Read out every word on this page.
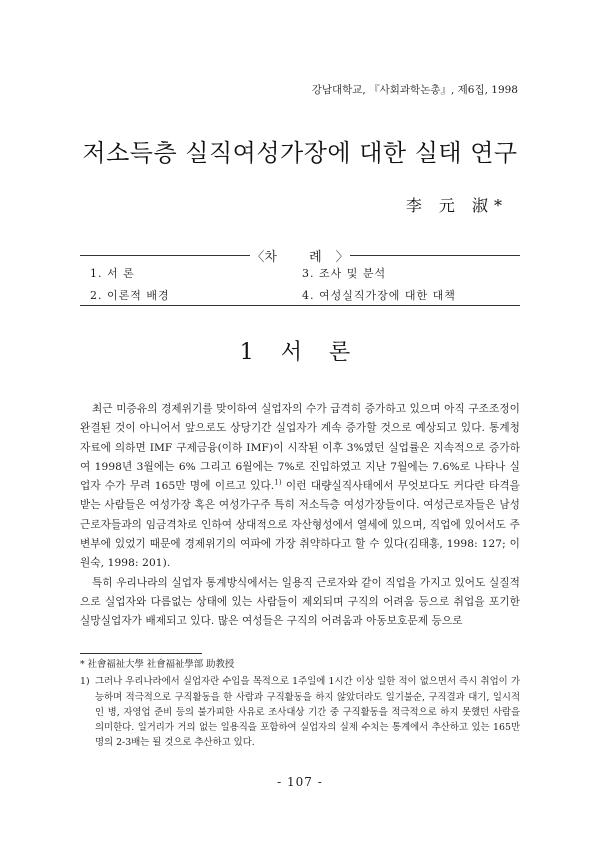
강남대학교, 『사회과학논총』, 제6집, 1998
저소득층 실직여성가장에 대한 실태 연구
李 元 淑*
〈차 례〉
1. 서 론	3. 조사 및 분석
2. 이론적 배경	4. 여성실직가장에 대한 대책
1 서 론

최근 미증유의 경제위기를 맞이하여 실업자의 수가 급격히 증가하고 있으며 아직 구조조정이 완결된 것이 아니어서 앞으로도 상당기간 실업자가 계속 증가할 것으로 예상되고 있다. 통계청 자료에 의하면 IMF 구제금융(이하 IMF)이 시작된 이후 3%였던 실업률은 지속적으로 증가하여 1998년 3월에는 6% 그리고 6월에는 7%로 진입하였고 지난 7월에는 7.6%로 나타나 실업자 수가 무려 165만 명에 이르고 있다.$^{1)}$ 이런 대량실직사태에서 무엇보다도 커다란 타격을 받는 사람들은 여성가장 혹은 여성가구주 특히 저소득층 여성가장들이다. 여성근로자들은 남성근로자들과의 임금격차로 인하여 상대적으로 자산형성에서 열세에 있으며, 직업에 있어서도 주변부에 있었기 때문에 경제위기의 여파에 가장 취약하다고 할 수 있다(김태홍, 1998: 127; 이원숙, 1998: 201).

특히 우리나라의 실업자 통계방식에서는 일용직 근로자와 같이 직업을 가지고 있어도 실질적으로 실업자와 다름없는 상태에 있는 사람들이 제외되며 구직의 어려움 등으로 취업을 포기한 실망실업자가 배제되고 있다. 많은 여성들은 구직의 어려움과 아동보호문제 등으로

* 社會福祉大學 社會福祉學部 助教授
1) 그러나 우리나라에서 실업자란 수입을 목적으로 1주일에 1시간 이상 일한 적이 없으면서 즉시 취업이 가능하며 적극적으로 구직활동을 한 사람과 구직활동을 하지 않았더라도 일기불순, 구직결과 대기, 일시적인 병, 자영업 준비 등의 불가피한 사유로 조사대상 기간 중 구직활동을 적극적으로 하지 못했던 사람을 의미한다. 일거리가 거의 없는 일용직을 포함하여 실업자의 실제 수치는 통계에서 추산하고 있는 165만명의 2-3배는 될 것으로 추산하고 있다.
- 107 -
